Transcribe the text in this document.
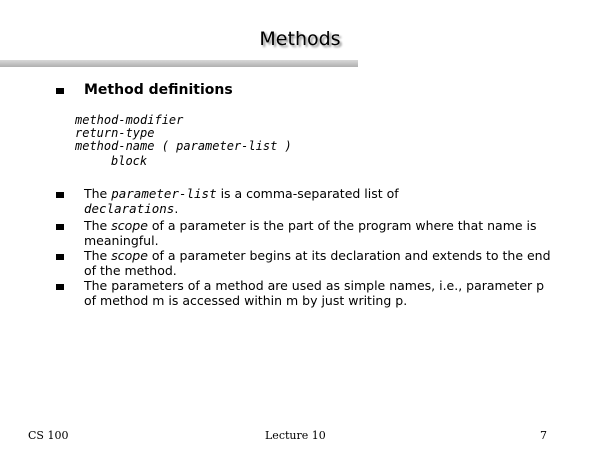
Methods
Method definitions
method-modifier
return-type
method-name ( parameter-list )
block
The parameter-list is a comma-separated list of
declarations.
The scope of a parameter is the part of the program where that name is meaningful.
The scope of a parameter begins at its declaration and extends to the end of the method.
The parameters of a method are used as simple names, i.e., parameter p of method m is accessed within m by just writing p.
CS 100	Lecture 10	7
